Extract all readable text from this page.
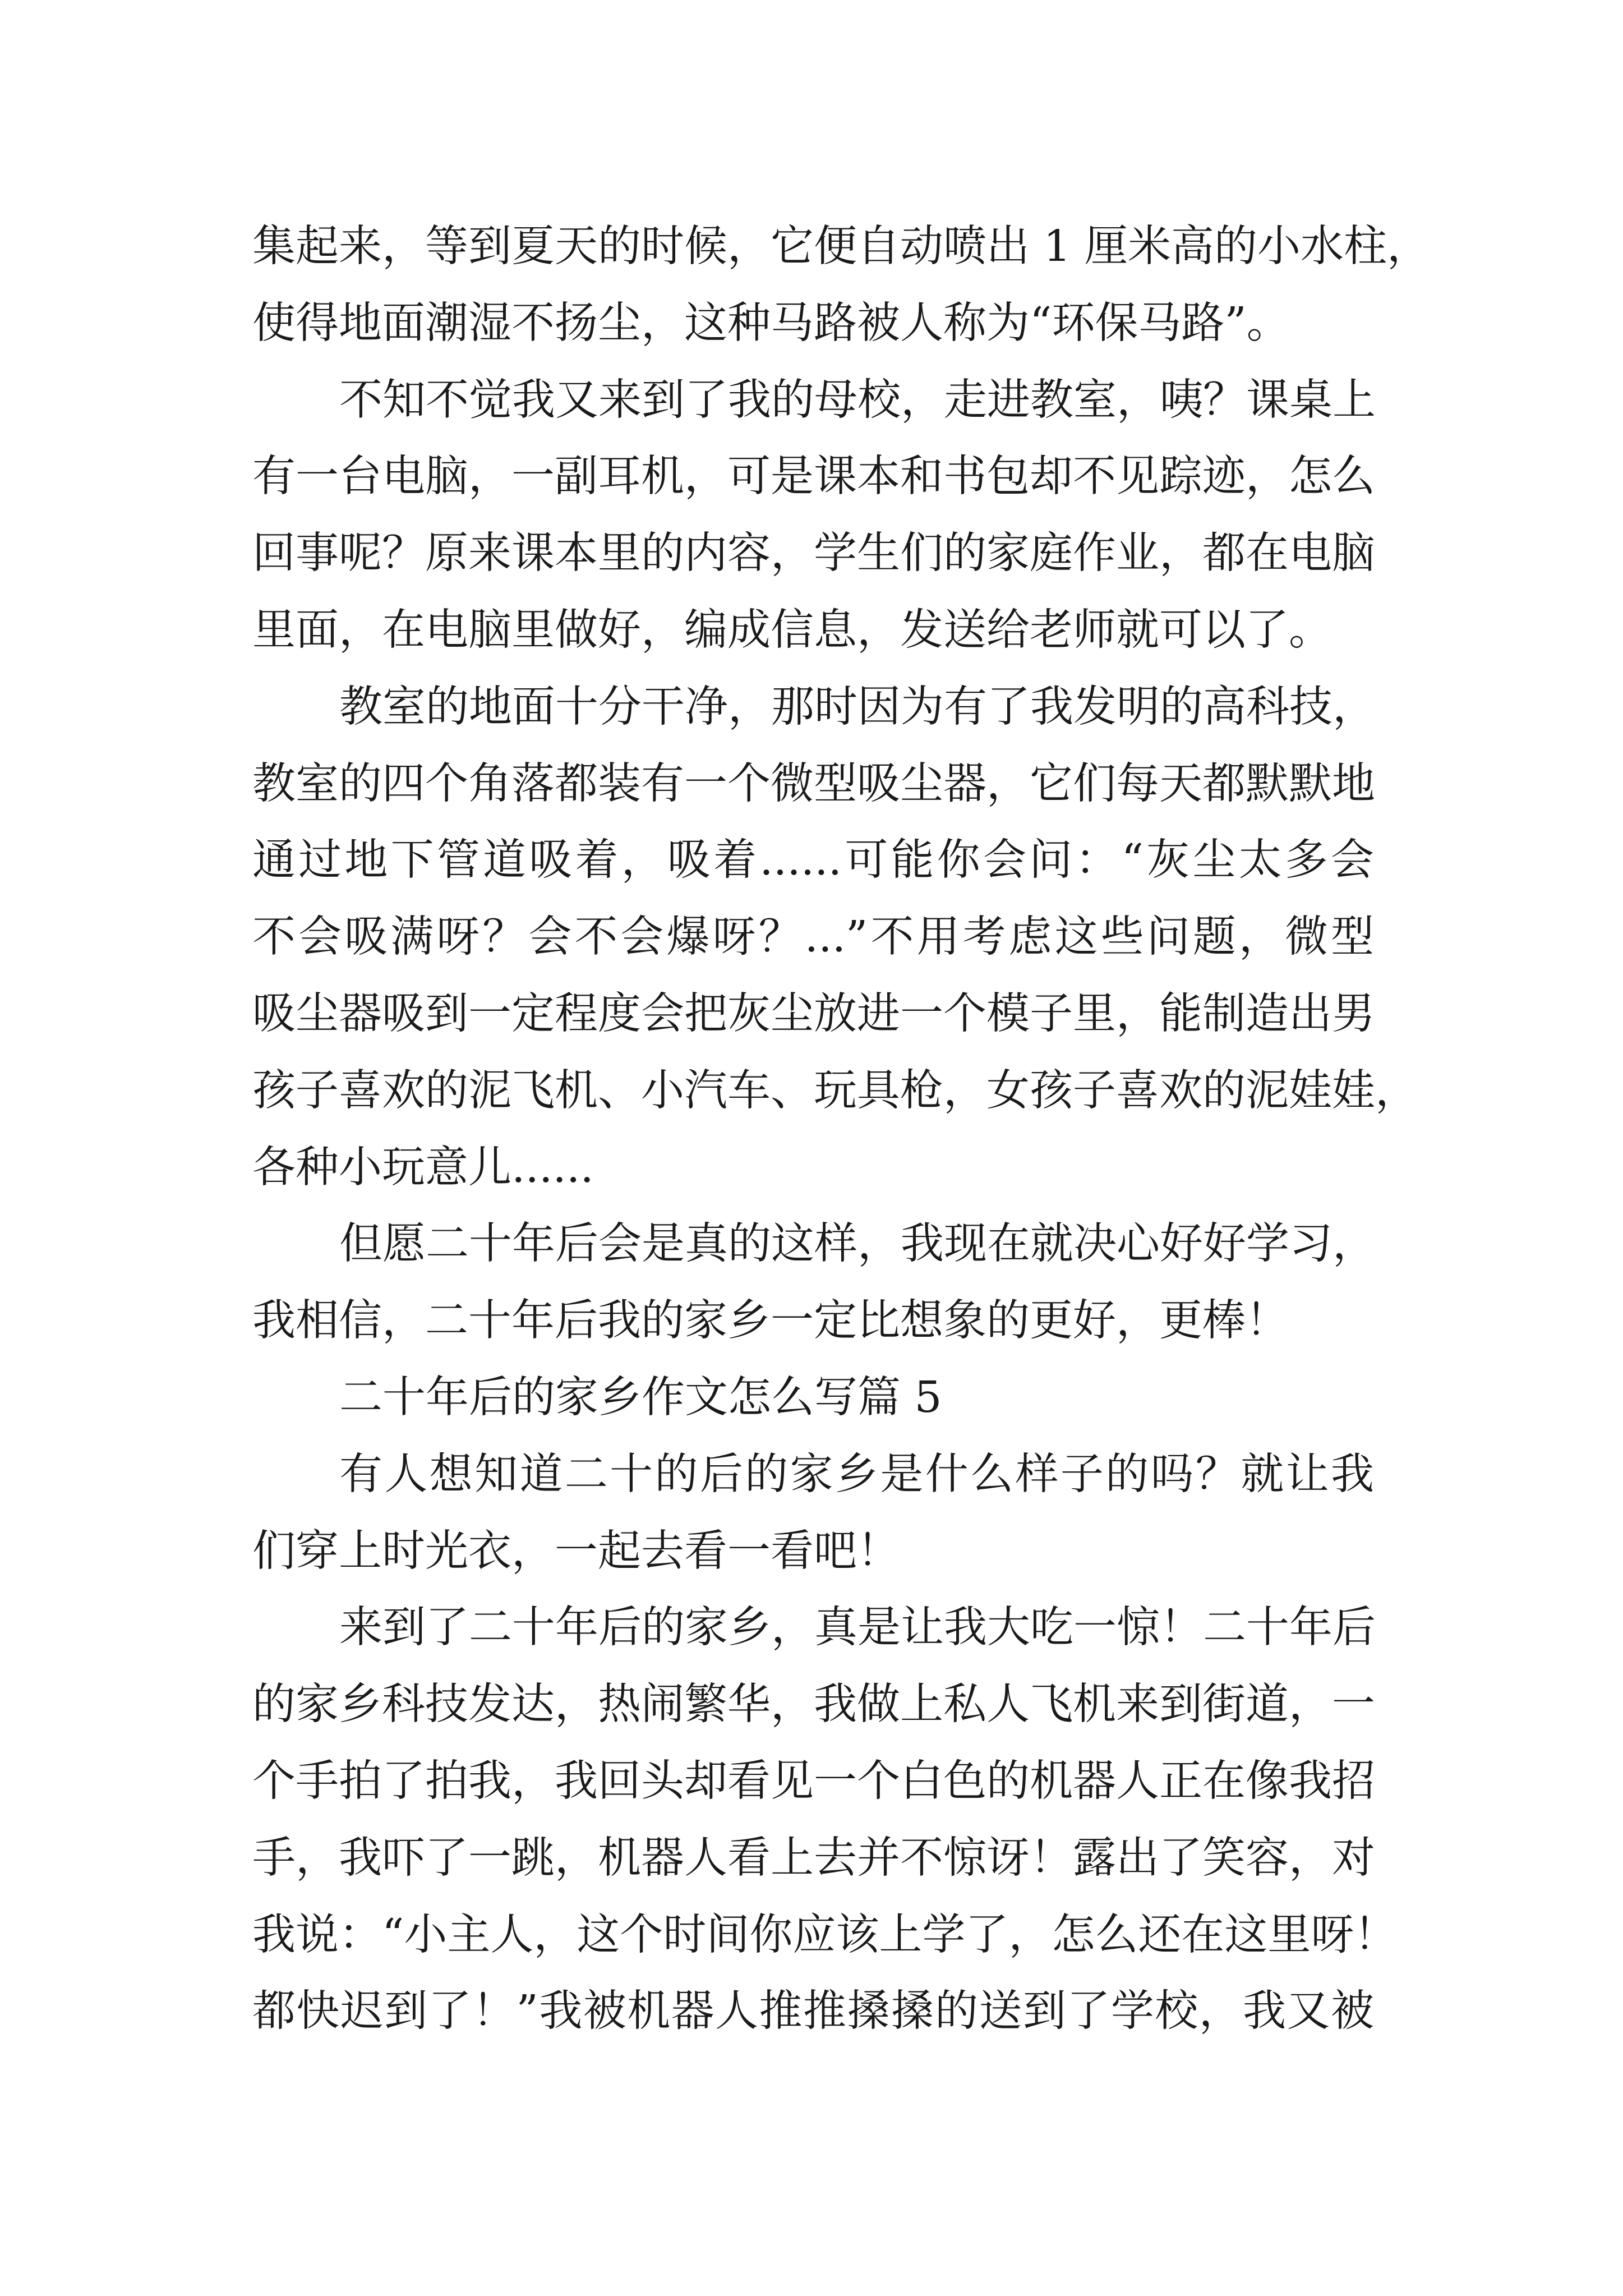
集起来，等到夏天的时候，它便自动喷出 1 厘米高的小水柱，
使得地面潮湿不扬尘，这种马路被人称为“环保马路”。
不知不觉我又来到了我的母校，走进教室，咦？课桌上
有一台电脑，一副耳机，可是课本和书包却不见踪迹，怎么
回事呢？原来课本里的内容，学生们的家庭作业，都在电脑
里面，在电脑里做好，编成信息，发送给老师就可以了。
教室的地面十分干净，那时因为有了我发明的高科技，
教室的四个角落都装有一个微型吸尘器，它们每天都默默地
通过地下管道吸着，吸着......可能你会问：“灰尘太多会
不会吸满呀？会不会爆呀？...”不用考虑这些问题，微型
吸尘器吸到一定程度会把灰尘放进一个模子里，能制造出男
孩子喜欢的泥飞机、小汽车、玩具枪，女孩子喜欢的泥娃娃，
各种小玩意儿......
但愿二十年后会是真的这样，我现在就决心好好学习，
我相信，二十年后我的家乡一定比想象的更好，更棒！
二十年后的家乡作文怎么写篇 5
有人想知道二十的后的家乡是什么样子的吗？就让我
们穿上时光衣，一起去看一看吧！
来到了二十年后的家乡，真是让我大吃一惊！二十年后
的家乡科技发达，热闹繁华，我做上私人飞机来到街道，一
个手拍了拍我，我回头却看见一个白色的机器人正在像我招
手，我吓了一跳，机器人看上去并不惊讶！露出了笑容，对
我说：“小主人，这个时间你应该上学了，怎么还在这里呀！
都快迟到了！”我被机器人推推搡搡的送到了学校，我又被
